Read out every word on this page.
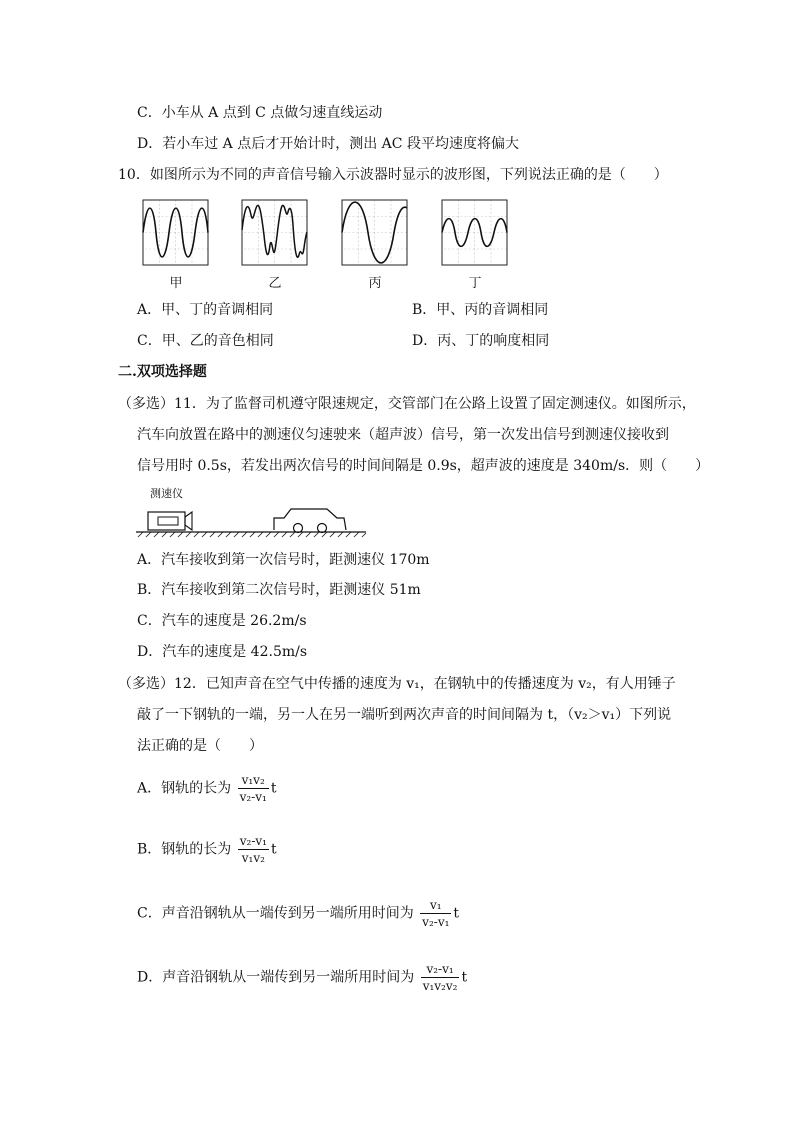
C．小车从 A 点到 C 点做匀速直线运动
D．若小车过 A 点后才开始计时，测出 AC 段平均速度将偏大
10．如图所示为不同的声音信号输入示波器时显示的波形图，下列说法正确的是（　　）
甲	乙	丙	丁
A．甲、丁的音调相同	B．甲、丙的音调相同
C．甲、乙的音色相同	D．丙、丁的响度相同
二.双项选择题
（多选）11．为了监督司机遵守限速规定，交管部门在公路上设置了固定测速仪。如图所示，
汽车向放置在路中的测速仪匀速驶来（超声波）信号，第一次发出信号到测速仪接收到
信号用时 0.5s，若发出两次信号的时间间隔是 0.9s，超声波的速度是 340m/s．则（　　）
测速仪
A．汽车接收到第一次信号时，距测速仪 170m
B．汽车接收到第二次信号时，距测速仪 51m
C．汽车的速度是 26.2m/s
D．汽车的速度是 42.5m/s
（多选）12．已知声音在空气中传播的速度为 v₁，在钢轨中的传播速度为 v₂，有人用锤子
敲了一下钢轨的一端，另一人在另一端听到两次声音的时间间隔为 t，（v₂＞v₁）下列说
法正确的是（　　）
A．钢轨的长为 $\frac{\text{v₁v₂}}{\text{v₂-v₁}}$ t
B．钢轨的长为 $\frac{\text{v₂-v₁}}{\text{v₁v₂}}$ t
C．声音沿钢轨从一端传到另一端所用时间为 $\frac{\text{v₁}}{\text{v₂-v₁}}$ t
D．声音沿钢轨从一端传到另一端所用时间为 $\frac{\text{v₂-v₁}}{\text{v₁v₂v₂}}$ t
